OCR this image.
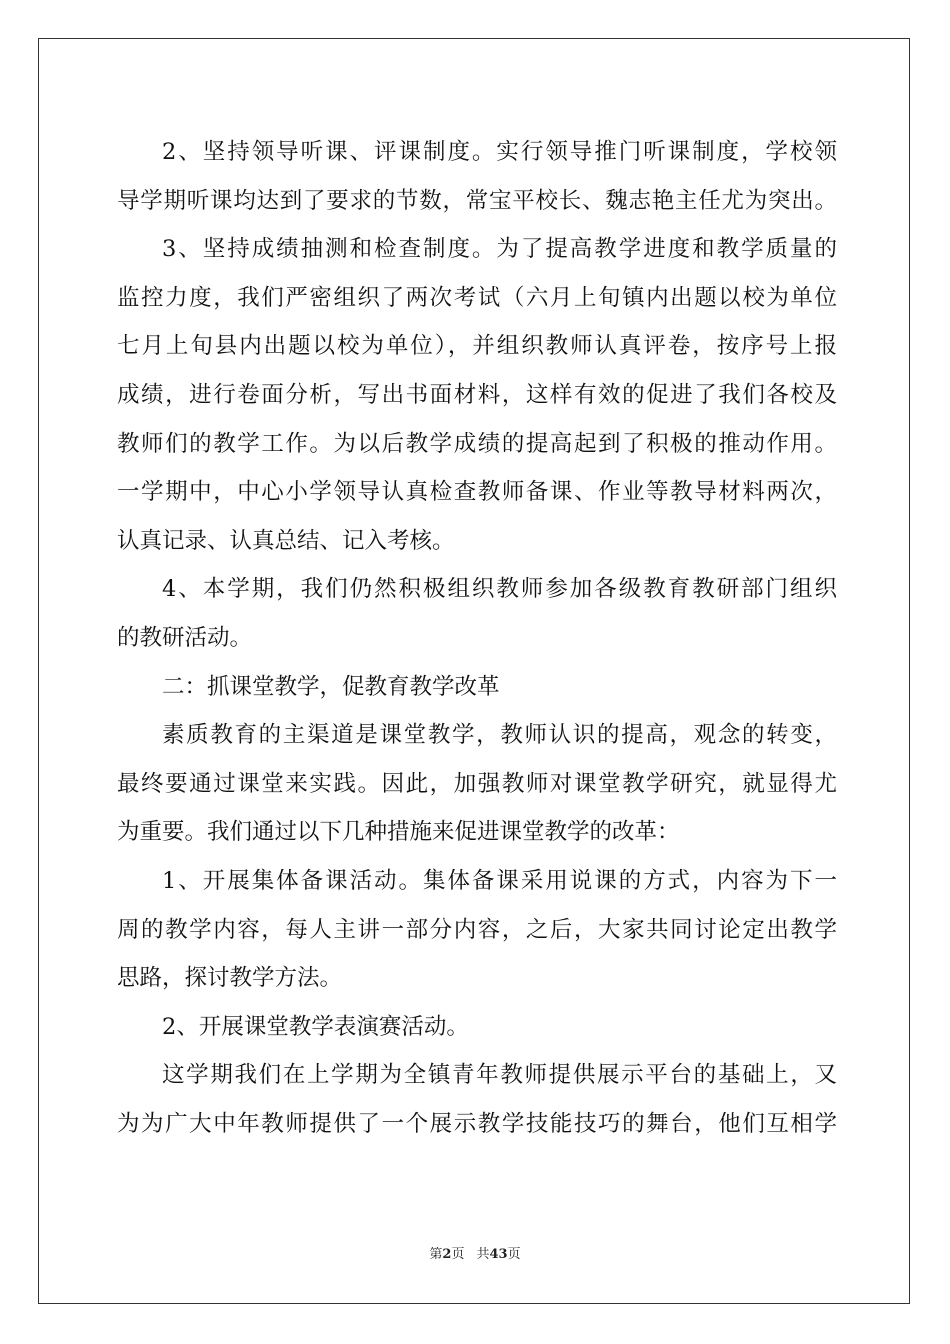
2、坚持领导听课、评课制度。实行领导推门听课制度，学校领
导学期听课均达到了要求的节数，常宝平校长、魏志艳主任尤为突出。
3、坚持成绩抽测和检查制度。为了提高教学进度和教学质量的
监控力度，我们严密组织了两次考试（六月上旬镇内出题以校为单位
七月上旬县内出题以校为单位），并组织教师认真评卷，按序号上报
成绩，进行卷面分析，写出书面材料，这样有效的促进了我们各校及
教师们的教学工作。为以后教学成绩的提高起到了积极的推动作用。
一学期中，中心小学领导认真检查教师备课、作业等教导材料两次，
认真记录、认真总结、记入考核。
4、本学期，我们仍然积极组织教师参加各级教育教研部门组织
的教研活动。
二：抓课堂教学，促教育教学改革
素质教育的主渠道是课堂教学，教师认识的提高，观念的转变，
最终要通过课堂来实践。因此，加强教师对课堂教学研究，就显得尤
为重要。我们通过以下几种措施来促进课堂教学的改革：
1、开展集体备课活动。集体备课采用说课的方式，内容为下一
周的教学内容，每人主讲一部分内容，之后，大家共同讨论定出教学
思路，探讨教学方法。
2、开展课堂教学表演赛活动。
这学期我们在上学期为全镇青年教师提供展示平台的基础上，又
为为广大中年教师提供了一个展示教学技能技巧的舞台，他们互相学
第2页 共43页
